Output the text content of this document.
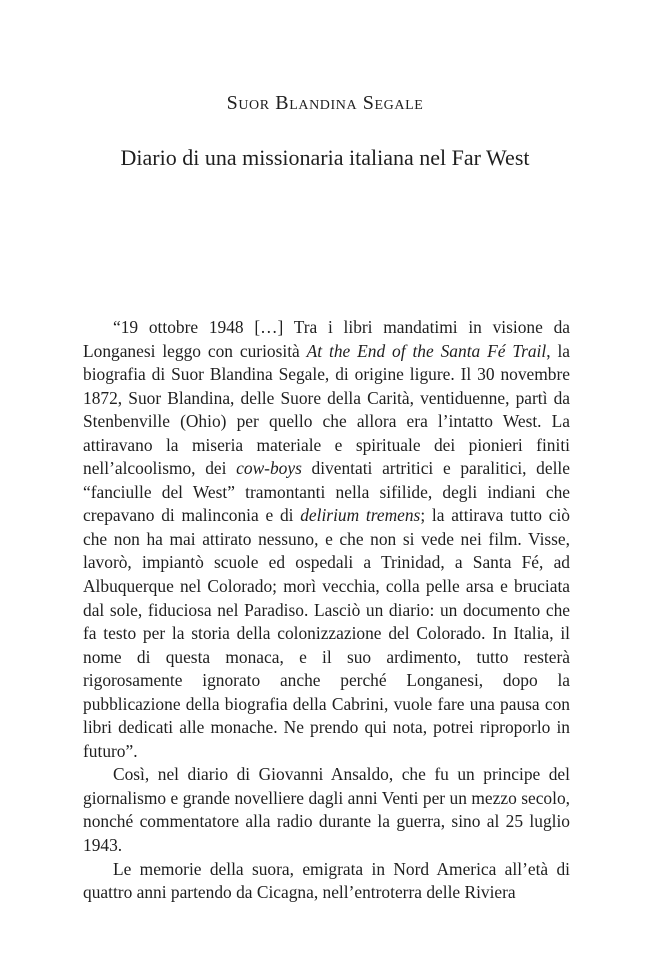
Suor Blandina Segale
Diario di una missionaria italiana nel Far West

“19 ottobre 1948 […] Tra i libri mandatimi in visione da Longanesi leggo con curiosità At the End of the Santa Fé Trail, la biografia di Suor Blandina Segale, di origine ligure. Il 30 novembre 1872, Suor Blandina, delle Suore della Carità, ventiduenne, partì da Stenbenville (Ohio) per quello che allora era l’intatto West. La attiravano la miseria materiale e spirituale dei pionieri finiti nell’alcoolismo, dei cow-boys diventati artritici e paralitici, delle “fanciulle del West” tramontanti nella sifilide, degli indiani che crepavano di malinconia e di delirium tremens; la attirava tutto ciò che non ha mai attirato nessuno, e che non si vede nei film. Visse, lavorò, impiantò scuole ed ospedali a Trinidad, a Santa Fé, ad Albuquerque nel Colorado; morì vecchia, colla pelle arsa e bruciata dal sole, fiduciosa nel Paradiso. Lasciò un diario: un documento che fa testo per la storia della colonizzazione del Colorado. In Italia, il nome di questa monaca, e il suo ardimento, tutto resterà rigorosamente ignorato anche perché Longanesi, dopo la pubblicazione della biografia della Cabrini, vuole fare una pausa con libri dedicati alle monache. Ne prendo qui nota, potrei riproporlo in futuro”.

Così, nel diario di Giovanni Ansaldo, che fu un principe del giornalismo e grande novelliere dagli anni Venti per un mezzo secolo, nonché commentatore alla radio durante la guerra, sino al 25 luglio 1943.

Le memorie della suora, emigrata in Nord America all’età di quattro anni partendo da Cicagna, nell’entroterra delle Riviera
